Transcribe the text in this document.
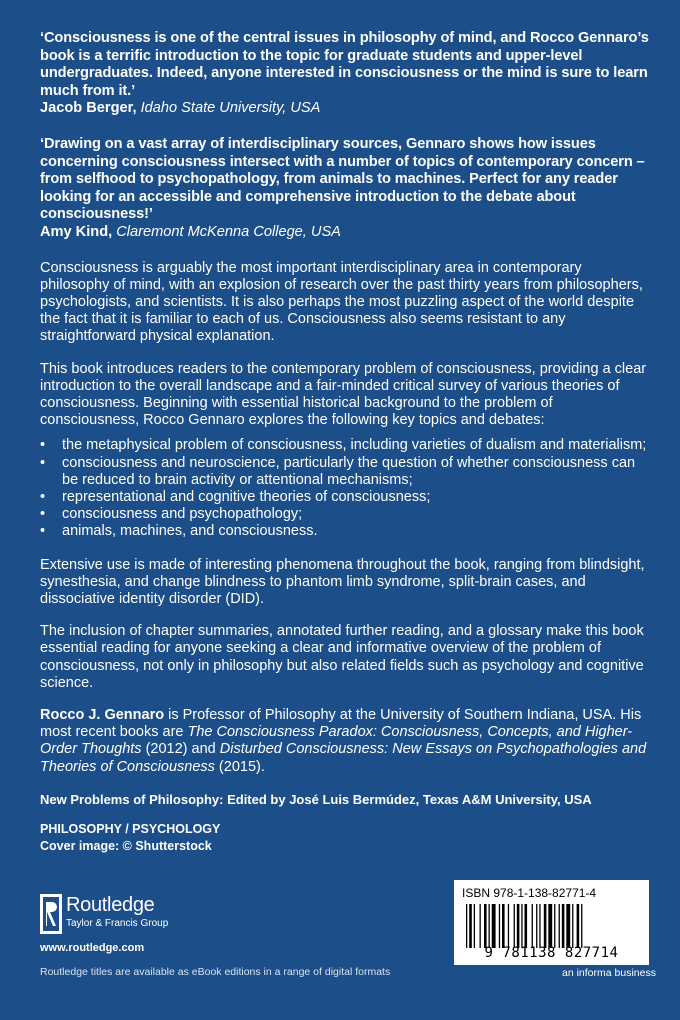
‘Consciousness is one of the central issues in philosophy of mind, and Rocco Gennaro’s book is a terrific introduction to the topic for graduate students and upper-level undergraduates. Indeed, anyone interested in consciousness or the mind is sure to learn much from it.’
Jacob Berger, Idaho State University, USA
‘Drawing on a vast array of interdisciplinary sources, Gennaro shows how issues concerning consciousness intersect with a number of topics of contemporary concern – from selfhood to psychopathology, from animals to machines. Perfect for any reader looking for an accessible and comprehensive introduction to the debate about consciousness!’
Amy Kind, Claremont McKenna College, USA

Consciousness is arguably the most important interdisciplinary area in contemporary philosophy of mind, with an explosion of research over the past thirty years from philosophers, psychologists, and scientists. It is also perhaps the most puzzling aspect of the world despite the fact that it is familiar to each of us. Consciousness also seems resistant to any straightforward physical explanation.

This book introduces readers to the contemporary problem of consciousness, providing a clear introduction to the overall landscape and a fair-minded critical survey of various theories of consciousness. Beginning with essential historical background to the problem of consciousness, Rocco Gennaro explores the following key topics and debates:

• the metaphysical problem of consciousness, including varieties of dualism and materialism;
• consciousness and neuroscience, particularly the question of whether consciousness can be reduced to brain activity or attentional mechanisms;
• representational and cognitive theories of consciousness;
• consciousness and psychopathology;
• animals, machines, and consciousness.

Extensive use is made of interesting phenomena throughout the book, ranging from blindsight, synesthesia, and change blindness to phantom limb syndrome, split-brain cases, and dissociative identity disorder (DID).

The inclusion of chapter summaries, annotated further reading, and a glossary make this book essential reading for anyone seeking a clear and informative overview of the problem of consciousness, not only in philosophy but also related fields such as psychology and cognitive science.

Rocco J. Gennaro is Professor of Philosophy at the University of Southern Indiana, USA. His most recent books are The Consciousness Paradox: Consciousness, Concepts, and Higher-Order Thoughts (2012) and Disturbed Consciousness: New Essays on Psychopathologies and Theories of Consciousness (2015).

New Problems of Philosophy: Edited by José Luis Bermúdez, Texas A&M University, USA
PHILOSOPHY / PSYCHOLOGY
Cover image: © Shutterstock
Routledge
Taylor & Francis Group
www.routledge.com
Routledge titles are available as eBook editions in a range of digital formats
ISBN 978-1-138-82771-4
9 781138 827714
an informa business
